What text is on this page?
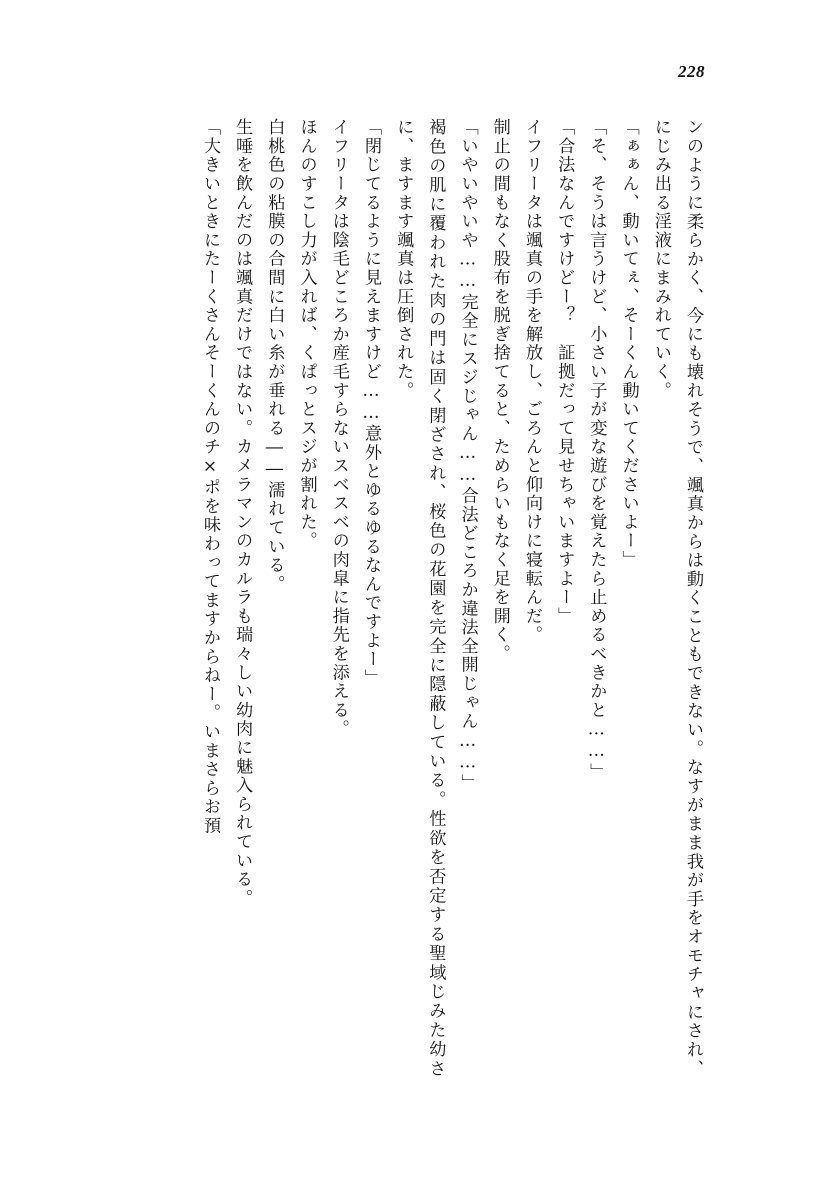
228

ンのように柔らかく、今にも壊れそうで、颯真からは動くこともできない。なすがまま我が手をオモチャにされ、にじみ出る淫液にまみれていく。

「ぁぁん、動いてぇ、そーくん動いてくださいよー」

「そ、そうは言うけど、小さい子が変な遊びを覚えたら止めるべきかと……」

「合法なんですけどー？　証拠だって見せちゃいますよー」

イフリータは颯真の手を解放し、ごろんと仰向けに寝転んだ。

制止の間もなく股布を脱ぎ捨てると、ためらいもなく足を開く。

「いやいやいや……完全にスジじゃん……合法どころか違法全開じゃん……」

褐色の肌に覆われた肉の門は固く閉ざされ、桜色の花園を完全に隠蔽している。性欲を否定する聖域じみた幼さに、ますます颯真は圧倒された。

「閉じてるように見えますけど……意外とゆるゆるなんですよー」

イフリータは陰毛どころか産毛すらないスベスベの肉皐に指先を添える。

ほんのすこし力が入れば、くぱっとスジが割れた。

白桃色の粘膜の合間に白い糸が垂れる――濡れている。

生唾を飲んだのは颯真だけではない。カメラマンのカルラも瑞々しい幼肉に魅入られている。

「大きいときにたーくさんそーくんのチ×ポを味わってますからねー。いまさらお預
